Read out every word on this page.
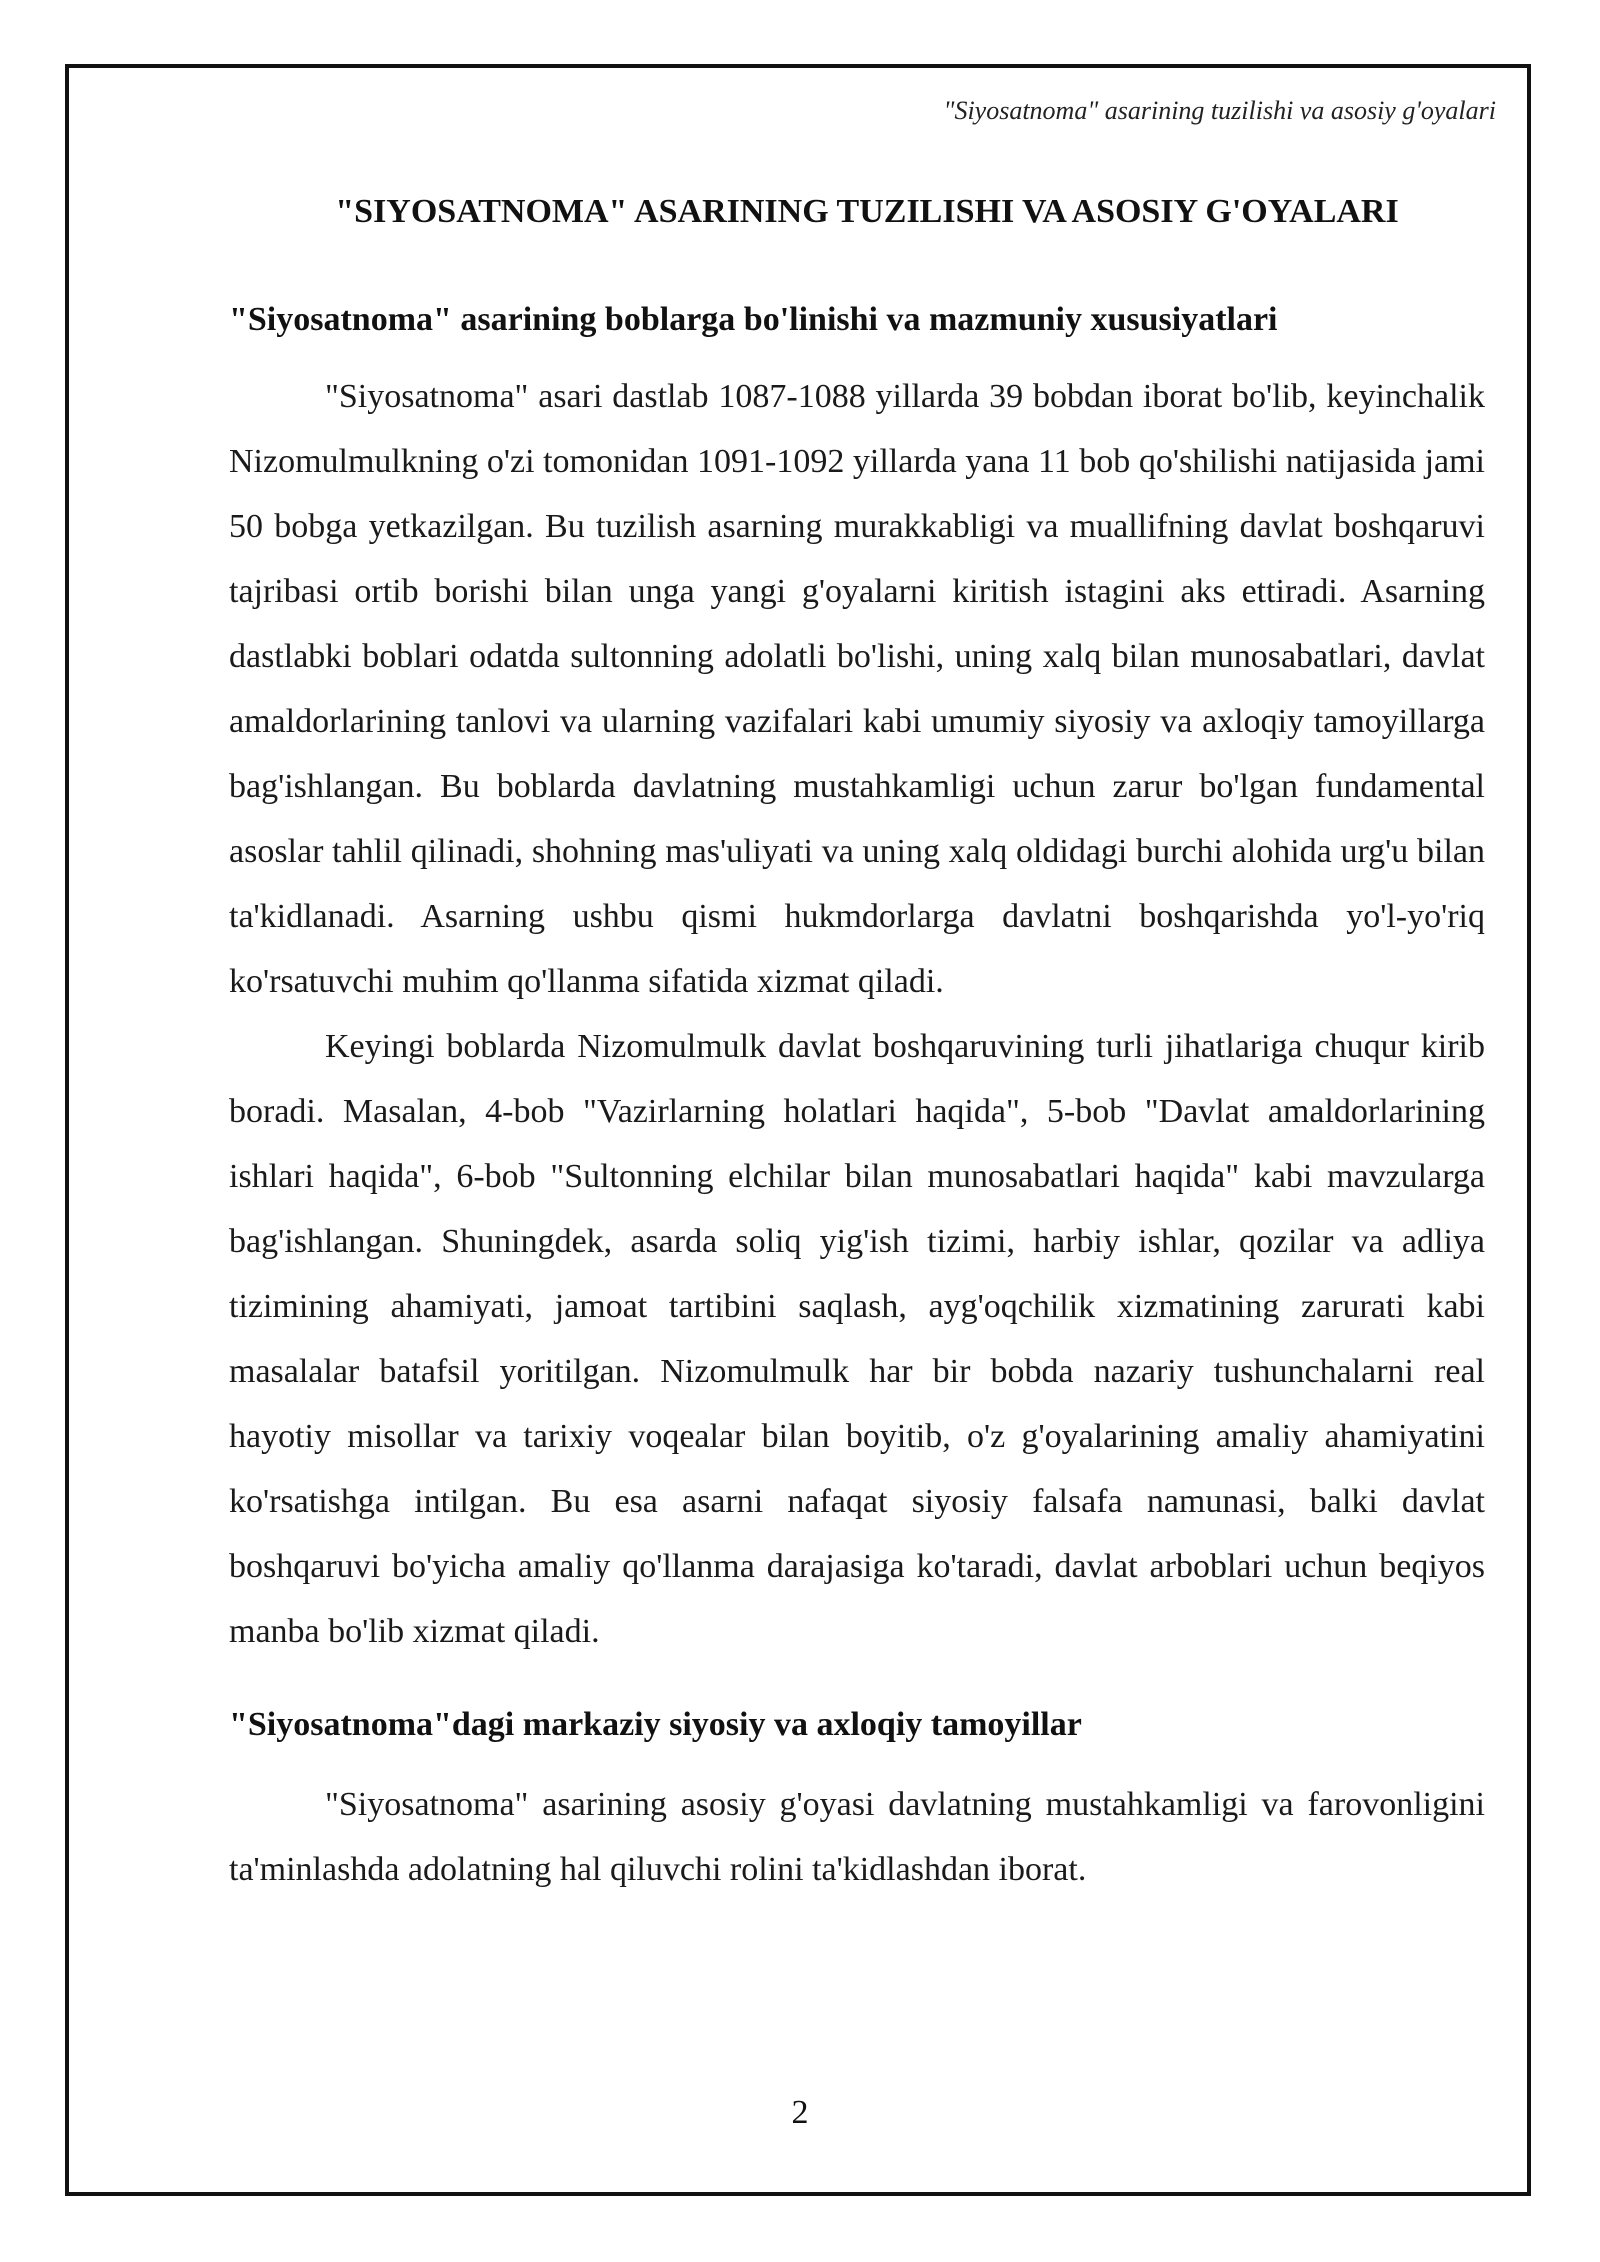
"Siyosatnoma" asarining tuzilishi va asosiy g'oyalari
"SIYOSATNOMA" ASARINING TUZILISHI VA ASOSIY G'OYALARI
"Siyosatnoma" asarining boblarga bo'linishi va mazmuniy xususiyatlari

"Siyosatnoma" asari dastlab 1087-1088 yillarda 39 bobdan iborat bo'lib, keyinchalik Nizomulmulkning o'zi tomonidan 1091-1092 yillarda yana 11 bob qo'shilishi natijasida jami 50 bobga yetkazilgan. Bu tuzilish asarning murakkabligi va muallifning davlat boshqaruvi tajribasi ortib borishi bilan unga yangi g'oyalarni kiritish istagini aks ettiradi. Asarning dastlabki boblari odatda sultonning adolatli bo'lishi, uning xalq bilan munosabatlari, davlat amaldorlarining tanlovi va ularning vazifalari kabi umumiy siyosiy va axloqiy tamoyillarga bag'ishlangan. Bu boblarda davlatning mustahkamligi uchun zarur bo'lgan fundamental asoslar tahlil qilinadi, shohning mas'uliyati va uning xalq oldidagi burchi alohida urg'u bilan ta'kidlanadi. Asarning ushbu qismi hukmdorlarga davlatni boshqarishda yo'l-yo'riq ko'rsatuvchi muhim qo'llanma sifatida xizmat qiladi.

Keyingi boblarda Nizomulmulk davlat boshqaruvining turli jihatlariga chuqur kirib boradi. Masalan, 4-bob "Vazirlarning holatlari haqida", 5-bob "Davlat amaldorlarining ishlari haqida", 6-bob "Sultonning elchilar bilan munosabatlari haqida" kabi mavzularga bag'ishlangan. Shuningdek, asarda soliq yig'ish tizimi, harbiy ishlar, qozilar va adliya tizimining ahamiyati, jamoat tartibini saqlash, ayg'oqchilik xizmatining zarurati kabi masalalar batafsil yoritilgan. Nizomulmulk har bir bobda nazariy tushunchalarni real hayotiy misollar va tarixiy voqealar bilan boyitib, o'z g'oyalarining amaliy ahamiyatini ko'rsatishga intilgan. Bu esa asarni nafaqat siyosiy falsafa namunasi, balki davlat boshqaruvi bo'yicha amaliy qo'llanma darajasiga ko'taradi, davlat arboblari uchun beqiyos manba bo'lib xizmat qiladi.

"Siyosatnoma"dagi markaziy siyosiy va axloqiy tamoyillar

"Siyosatnoma" asarining asosiy g'oyasi davlatning mustahkamligi va farovonligini ta'minlashda adolatning hal qiluvchi rolini ta'kidlashdan iborat.

2
